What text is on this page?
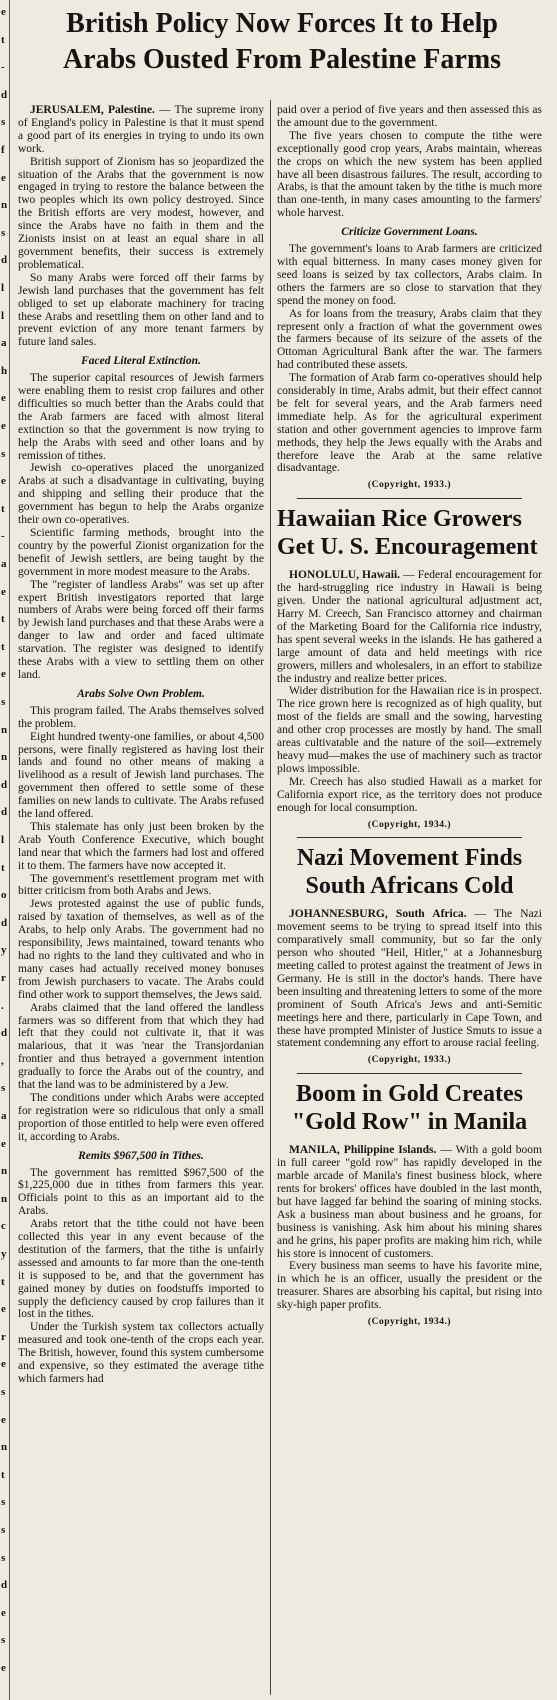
e
t
-
d
s
f
e
n
s
d
l
l
a
h
e
e
s
e
t
-
a
e
t
t
e
s
n
n
d
d
l
t
o
d
y
r
.
d
,
s
a
e
n
n
c
y
t
e
r
e
s
e
n
t
s
s
s
d
e
s
e
British Policy Now Forces It to Help
Arabs Ousted From Palestine Farms

JERUSALEM, Palestine. — The supreme irony of England's policy in Palestine is that it must spend a good part of its energies in trying to undo its own work.

British support of Zionism has so jeopardized the situation of the Arabs that the government is now engaged in trying to restore the balance between the two peoples which its own policy destroyed. Since the British efforts are very modest, however, and since the Arabs have no faith in them and the Zionists insist on at least an equal share in all government benefits, their success is extremely problematical.

So many Arabs were forced off their farms by Jewish land purchases that the government has felt obliged to set up elaborate machinery for tracing these Arabs and resettling them on other land and to prevent eviction of any more tenant farmers by future land sales.

Faced Literal Extinction.

The superior capital resources of Jewish farmers were enabling them to resist crop failures and other difficulties so much better than the Arabs could that the Arab farmers are faced with almost literal extinction so that the government is now trying to help the Arabs with seed and other loans and by remission of tithes.

Jewish co-operatives placed the unorganized Arabs at such a disadvantage in cultivating, buying and shipping and selling their produce that the government has begun to help the Arabs organize their own co-operatives.

Scientific farming methods, brought into the country by the powerful Zionist organization for the benefit of Jewish settlers, are being taught by the government in more modest measure to the Arabs.

The "register of landless Arabs" was set up after expert British investigators reported that large numbers of Arabs were being forced off their farms by Jewish land purchases and that these Arabs were a danger to law and order and faced ultimate starvation. The register was designed to identify these Arabs with a view to settling them on other land.

Arabs Solve Own Problem.

This program failed. The Arabs themselves solved the problem.

Eight hundred twenty-one families, or about 4,500 persons, were finally registered as having lost their lands and found no other means of making a livelihood as a result of Jewish land purchases. The government then offered to settle some of these families on new lands to cultivate. The Arabs refused the land offered.

This stalemate has only just been broken by the Arab Youth Conference Executive, which bought land near that which the farmers had lost and offered it to them. The farmers have now accepted it.

The government's resettlement program met with bitter criticism from both Arabs and Jews.

Jews protested against the use of public funds, raised by taxation of themselves, as well as of the Arabs, to help only Arabs. The government had no responsibility, Jews maintained, toward tenants who had no rights to the land they cultivated and who in many cases had actually received money bonuses from Jewish purchasers to vacate. The Arabs could find other work to support themselves, the Jews said.

Arabs claimed that the land offered the landless farmers was so different from that which they had left that they could not cultivate it, that it was malarious, that it was 'near the Transjordanian frontier and thus betrayed a government intention gradually to force the Arabs out of the country, and that the land was to be administered by a Jew.

The conditions under which Arabs were accepted for registration were so ridiculous that only a small proportion of those entitled to help were even offered it, according to Arabs.

Remits $967,500 in Tithes.

The government has remitted $967,500 of the $1,225,000 due in tithes from farmers this year. Officials point to this as an important aid to the Arabs.

Arabs retort that the tithe could not have been collected this year in any event because of the destitution of the farmers, that the tithe is unfairly assessed and amounts to far more than the one-tenth it is supposed to be, and that the government has gained money by duties on foodstuffs imported to supply the deficiency caused by crop failures than it lost in the tithes.

Under the Turkish system tax collectors actually measured and took one-tenth of the crops each year. The British, however, found this system cumbersome and expensive, so they estimated the average tithe which farmers had

paid over a period of five years and then assessed this as the amount due to the government.

The five years chosen to compute the tithe were exceptionally good crop years, Arabs maintain, whereas the crops on which the new system has been applied have all been disastrous failures. The result, according to Arabs, is that the amount taken by the tithe is much more than one-tenth, in many cases amounting to the farmers' whole harvest.

Criticize Government Loans.

The government's loans to Arab farmers are criticized with equal bitterness. In many cases money given for seed loans is seized by tax collectors, Arabs claim. In others the farmers are so close to starvation that they spend the money on food.

As for loans from the treasury, Arabs claim that they represent only a fraction of what the government owes the farmers because of its seizure of the assets of the Ottoman Agricultural Bank after the war. The farmers had contributed these assets.

The formation of Arab farm co-operatives should help considerably in time, Arabs admit, but their effect cannot be felt for several years, and the Arab farmers need immediate help. As for the agricultural experiment station and other government agencies to improve farm methods, they help the Jews equally with the Arabs and therefore leave the Arab at the same relative disadvantage.

(Copyright, 1933.)

Hawaiian Rice Growers Get U. S. Encouragement

HONOLULU, Hawaii. — Federal encouragement for the hard-struggling rice industry in Hawaii is being given. Under the national agricultural adjustment act, Harry M. Creech, San Francisco attorney and chairman of the Marketing Board for the California rice industry, has spent several weeks in the islands. He has gathered a large amount of data and held meetings with rice growers, millers and wholesalers, in an effort to stabilize the industry and realize better prices.

Wider distribution for the Hawaiian rice is in prospect. The rice grown here is recognized as of high quality, but most of the fields are small and the sowing, harvesting and other crop processes are mostly by hand. The small areas cultivatable and the nature of the soil—extremely heavy mud—makes the use of machinery such as tractor plows impossible.

Mr. Creech has also studied Hawaii as a market for California export rice, as the territory does not produce enough for local consumption.

(Copyright, 1934.)

Nazi Movement Finds South Africans Cold

JOHANNESBURG, South Africa. — The Nazi movement seems to be trying to spread itself into this comparatively small community, but so far the only person who shouted "Heil, Hitler," at a Johannesburg meeting called to protest against the treatment of Jews in Germany. He is still in the doctor's hands. There have been insulting and threatening letters to some of the more prominent of South Africa's Jews and anti-Semitic meetings here and there, particularly in Cape Town, and these have prompted Minister of Justice Smuts to issue a statement condemning any effort to arouse racial feeling.

(Copyright, 1933.)

Boom in Gold Creates "Gold Row" in Manila

MANILA, Philippine Islands. — With a gold boom in full career "gold row" has rapidly developed in the marble arcade of Manila's finest business block, where rents for brokers' offices have doubled in the last month, but have lagged far behind the soaring of mining stocks. Ask a business man about business and he groans, for business is vanishing. Ask him about his mining shares and he grins, his paper profits are making him rich, while his store is innocent of customers.

Every business man seems to have his favorite mine, in which he is an officer, usually the president or the treasurer. Shares are absorbing his capital, but rising into sky-high paper profits.

(Copyright, 1934.)
